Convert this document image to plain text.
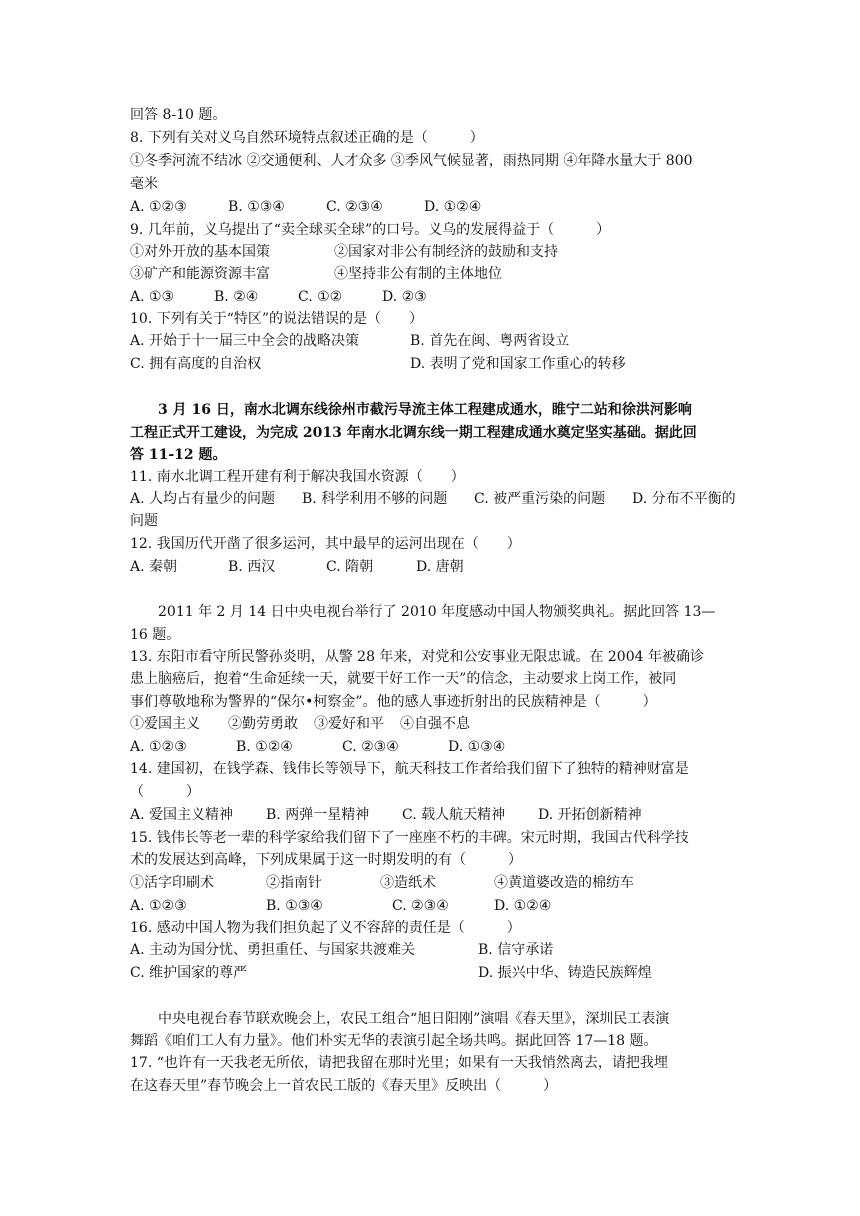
回答 8-10 题。
8. 下列有关对义乌自然环境特点叙述正确的是（　　　）
①冬季河流不结冰 ②交通便利、人才众多 ③季风气候显著，雨热同期 ④年降水量大于 800
毫米
A. ①②③	B. ①③④	C. ②③④	D. ①②④
9. 几年前，义乌提出了“卖全球买全球”的口号。义乌的发展得益于（　　　）
①对外开放的基本国策	②国家对非公有制经济的鼓励和支持
③矿产和能源资源丰富	④坚持非公有制的主体地位
A. ①③	B. ②④	C. ①②	D. ②③
10. 下列有关于“特区”的说法错误的是（　　）
A. 开始于十一届三中全会的战略决策	B. 首先在闽、粤两省设立
C. 拥有高度的自治权	D. 表明了党和国家工作重心的转移
　　3 月 16 日，南水北调东线徐州市截污导流主体工程建成通水，睢宁二站和徐洪河影响
工程正式开工建设，为完成 2013 年南水北调东线一期工程建成通水奠定坚实基础。据此回
答 11-12 题。
11. 南水北调工程开建有利于解决我国水资源（　　）
A. 人均占有量少的问题 B. 科学利用不够的问题 C. 被严重污染的问题 D. 分布不平衡的
问题
12. 我国历代开凿了很多运河，其中最早的运河出现在（　　）
A. 秦朝	B. 西汉	C. 隋朝	D. 唐朝
　　2011 年 2 月 14 日中央电视台举行了 2010 年度感动中国人物颁奖典礼。据此回答 13—
16 题。
13. 东阳市看守所民警孙炎明，从警 28 年来，对党和公安事业无限忠诚。在 2004 年被确诊
患上脑癌后，抱着“生命延续一天，就要干好工作一天”的信念，主动要求上岗工作，被同
事们尊敬地称为警界的“保尔•柯察金”。他的感人事迹折射出的民族精神是（　　　）
①爱国主义 ②勤劳勇敢 ③爱好和平 ④自强不息
A. ①②③	B. ①②④	C. ②③④	D. ①③④
14. 建国初，在钱学森、钱伟长等领导下，航天科技工作者给我们留下了独特的精神财富是
（　　　）
A. 爱国主义精神 B. 两弹一星精神 C. 载人航天精神 D. 开拓创新精神
15. 钱伟长等老一辈的科学家给我们留下了一座座不朽的丰碑。宋元时期，我国古代科学技
术的发展达到高峰，下列成果属于这一时期发明的有（　　　）
①活字印刷术	②指南针	③造纸术	④黄道婆改造的棉纺车
A. ①②③	B. ①③④	C. ②③④	D. ①②④
16. 感动中国人物为我们担负起了义不容辞的责任是（　　　）
A. 主动为国分忧、勇担重任、与国家共渡难关	B. 信守承诺
C. 维护国家的尊严	D. 振兴中华、铸造民族辉煌
　　中央电视台春节联欢晚会上，农民工组合“旭日阳刚”演唱《春天里》，深圳民工表演
舞蹈《咱们工人有力量》。他们朴实无华的表演引起全场共鸣。据此回答 17—18 题。
17. “也许有一天我老无所依，请把我留在那时光里；如果有一天我悄然离去，请把我埋
在这春天里”春节晚会上一首农民工版的《春天里》反映出（　　　）
